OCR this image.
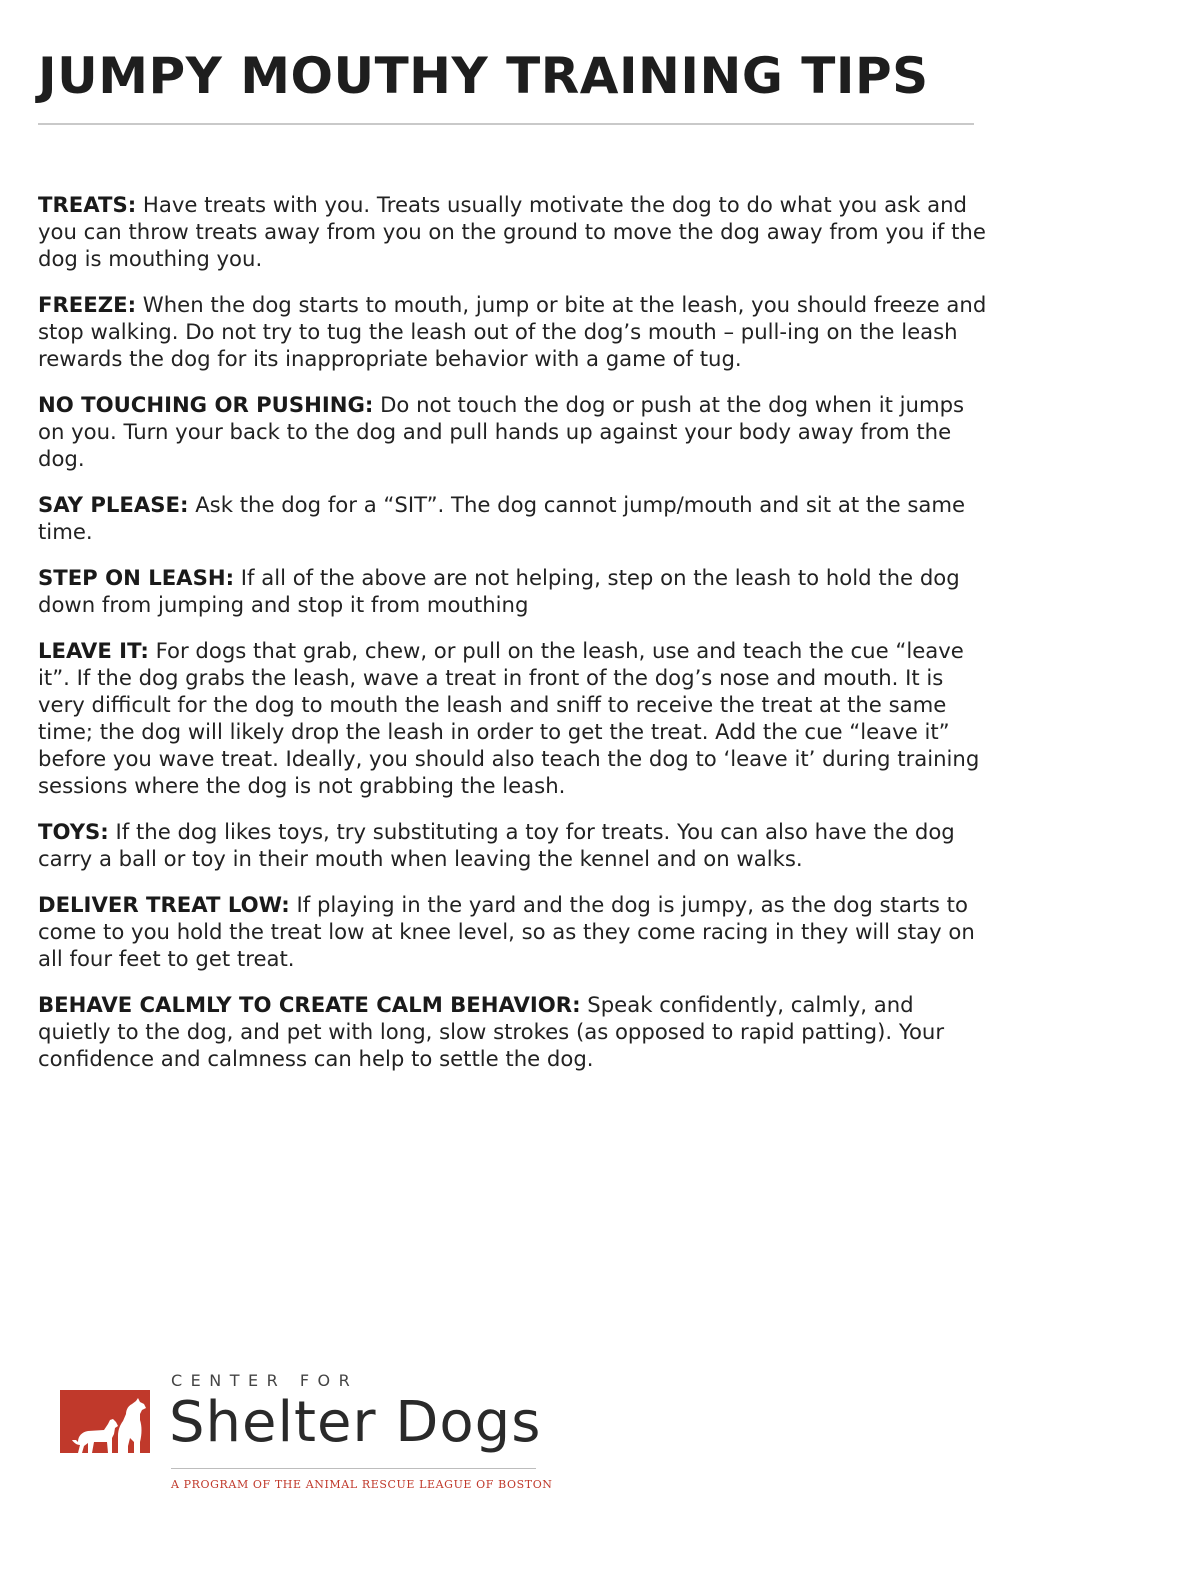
JUMPY MOUTHY TRAINING TIPS

TREATS: Have treats with you. Treats usually motivate the dog to do what you ask and you can throw treats away from you on the ground to move the dog away from you if the dog is mouthing you.

FREEZE: When the dog starts to mouth, jump or bite at the leash, you should freeze and stop walking. Do not try to tug the leash out of the dog’s mouth – pull-ing on the leash rewards the dog for its inappropriate behavior with a game of tug.

NO TOUCHING OR PUSHING: Do not touch the dog or push at the dog when it jumps on you. Turn your back to the dog and pull hands up against your body away from the dog.

SAY PLEASE: Ask the dog for a “SIT”. The dog cannot jump/mouth and sit at the same time.

STEP ON LEASH: If all of the above are not helping, step on the leash to hold the dog down from jumping and stop it from mouthing

LEAVE IT: For dogs that grab, chew, or pull on the leash, use and teach the cue “leave it”. If the dog grabs the leash, wave a treat in front of the dog’s nose and mouth. It is very difficult for the dog to mouth the leash and sniff to receive the treat at the same time; the dog will likely drop the leash in order to get the treat. Add the cue “leave it” before you wave treat. Ideally, you should also teach the dog to ‘leave it’ during training sessions where the dog is not grabbing the leash.

TOYS: If the dog likes toys, try substituting a toy for treats. You can also have the dog carry a ball or toy in their mouth when leaving the kennel and on walks.

DELIVER TREAT LOW: If playing in the yard and the dog is jumpy, as the dog starts to come to you hold the treat low at knee level, so as they come racing in they will stay on all four feet to get treat.

BEHAVE CALMLY TO CREATE CALM BEHAVIOR: Speak confidently, calmly, and quietly to the dog, and pet with long, slow strokes (as opposed to rapid patting). Your confidence and calmness can help to settle the dog.

CENTER FOR
Shelter Dogs
A PROGRAM OF THE ANIMAL RESCUE LEAGUE OF BOSTON
